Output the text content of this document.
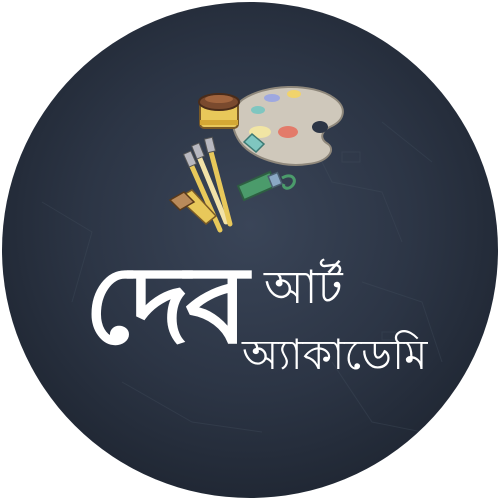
দেব আর্ট
অ্যাকাডেমি
